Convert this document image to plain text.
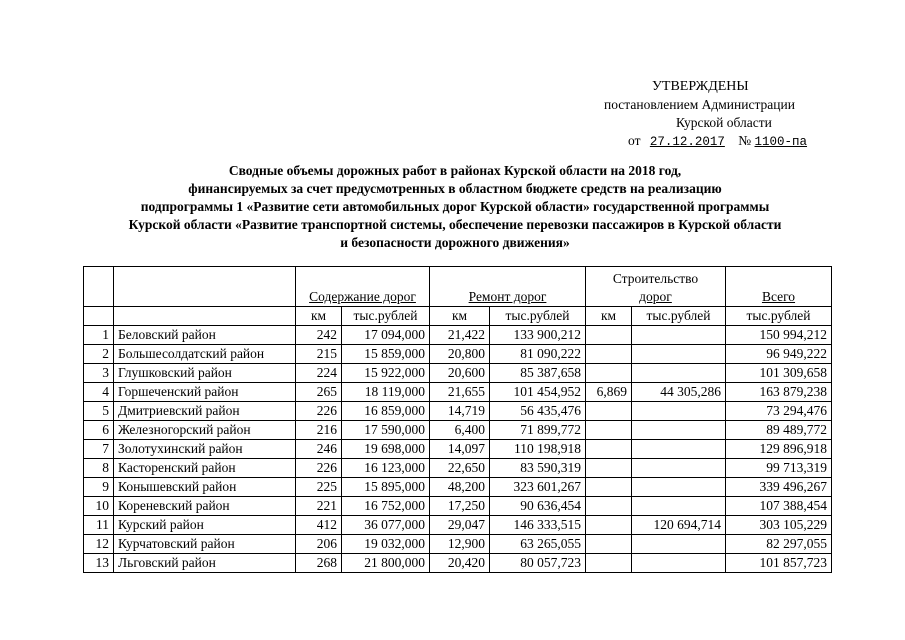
УТВЕРЖДЕНЫ
постановлением Администрации
Курской области
от 27.12.2017 № 1100-па
Сводные объемы дорожных работ в районах Курской области на 2018 год,
финансируемых за счет предусмотренных в областном бюджете средств на реализацию
подпрограммы 1 «Развитие сети автомобильных дорог Курской области» государственной программы
Курской области «Развитие транспортной системы, обеспечение перевозки пассажиров в Курской области
и безопасности дорожного движения»
		Содержание дорог		Ремонт дорог		Строительство
дорог		Всего
		км	тыс.рублей	км	тыс.рублей	км	тыс.рублей	тыс.рублей
1	Беловский район	242	17 094,000	21,422	133 900,212			150 994,212
2	Большесолдатский район	215	15 859,000	20,800	81 090,222			96 949,222
3	Глушковский район	224	15 922,000	20,600	85 387,658			101 309,658
4	Горшеченский район	265	18 119,000	21,655	101 454,952	6,869	44 305,286	163 879,238
5	Дмитриевский район	226	16 859,000	14,719	56 435,476			73 294,476
6	Железногорский район	216	17 590,000	6,400	71 899,772			89 489,772
7	Золотухинский район	246	19 698,000	14,097	110 198,918			129 896,918
8	Касторенский район	226	16 123,000	22,650	83 590,319			99 713,319
9	Конышевский район	225	15 895,000	48,200	323 601,267			339 496,267
10	Кореневский район	221	16 752,000	17,250	90 636,454			107 388,454
11	Курский район	412	36 077,000	29,047	146 333,515		120 694,714	303 105,229
12	Курчатовский район	206	19 032,000	12,900	63 265,055			82 297,055
13	Льговский район	268	21 800,000	20,420	80 057,723			101 857,723
